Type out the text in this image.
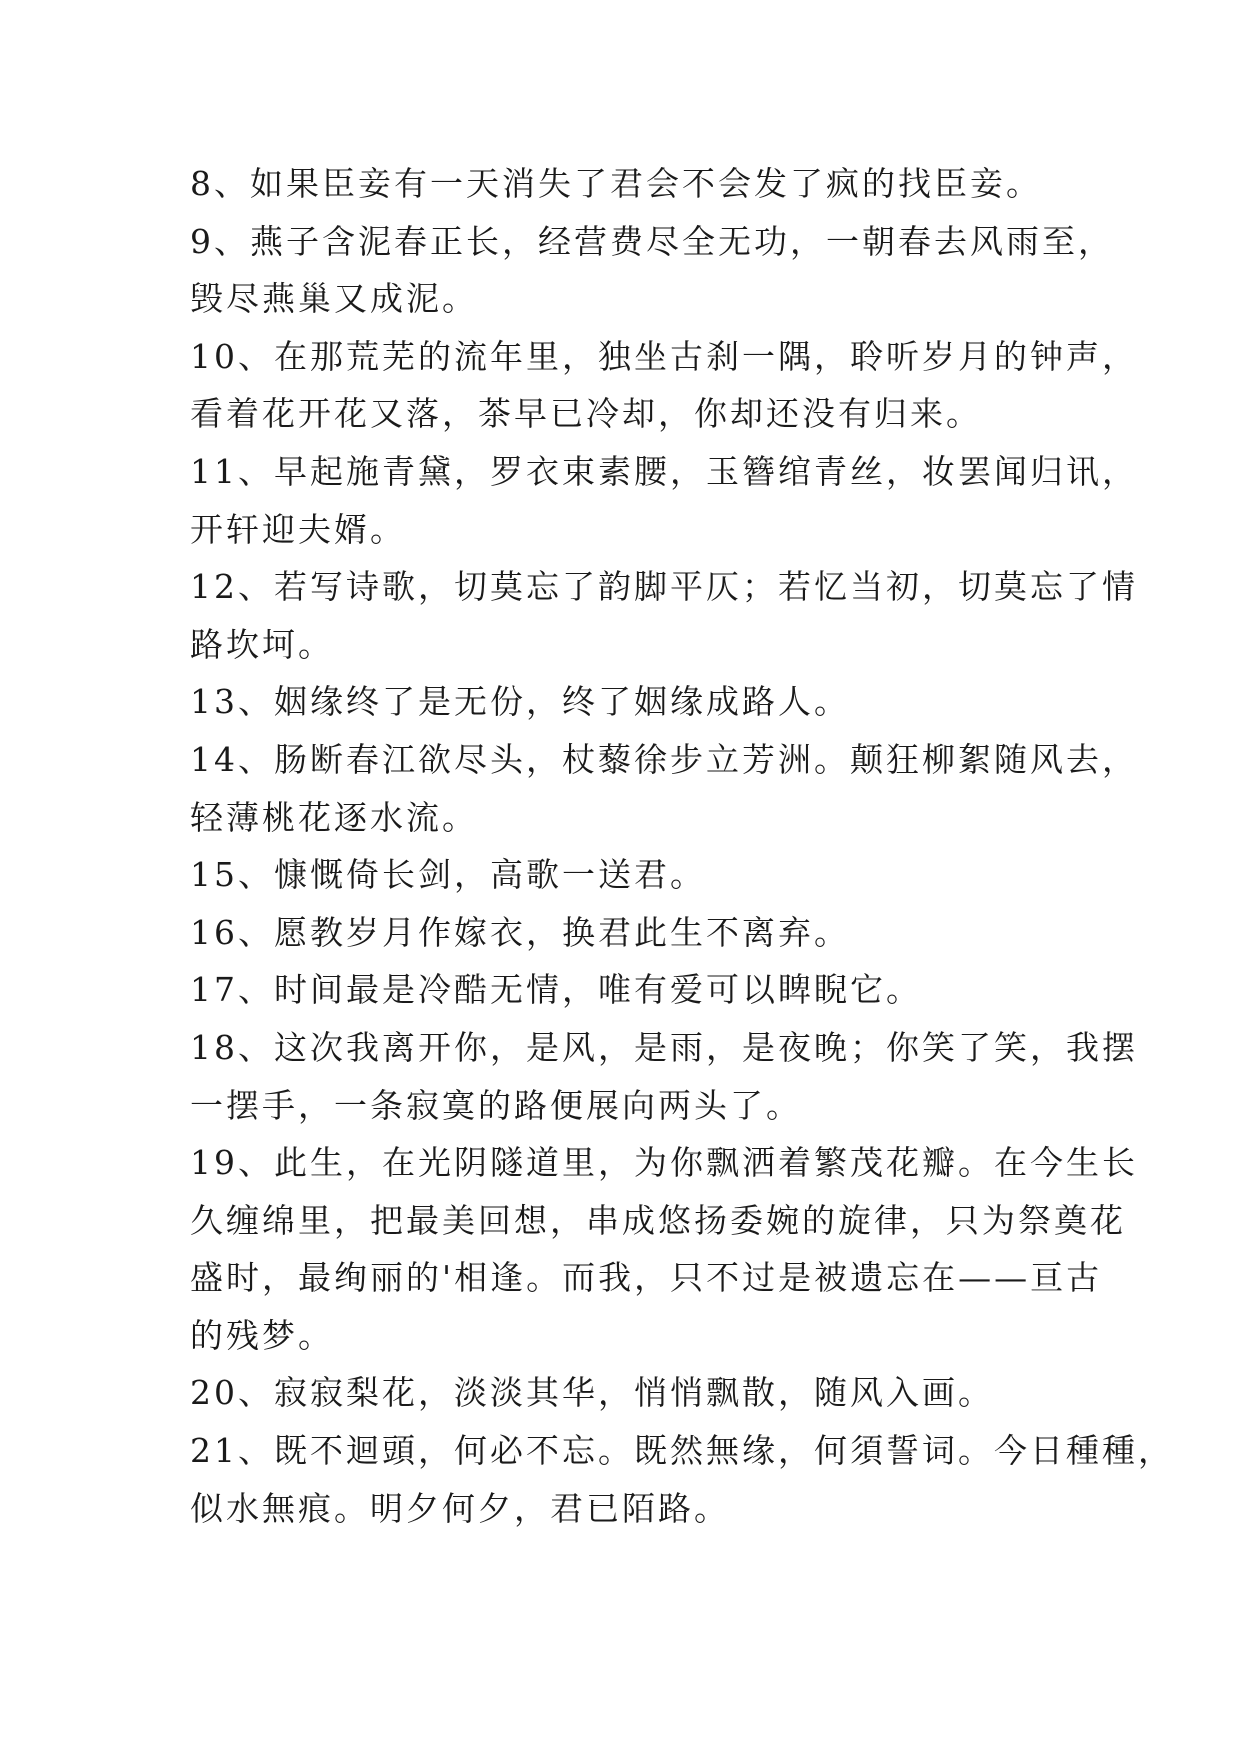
8、如果臣妾有一天消失了君会不会发了疯的找臣妾。
9、燕子含泥春正长，经营费尽全无功，一朝春去风雨至，
毁尽燕巢又成泥。
10、在那荒芜的流年里，独坐古刹一隅，聆听岁月的钟声，
看着花开花又落，茶早已冷却，你却还没有归来。
11、早起施青黛，罗衣束素腰，玉簪绾青丝，妆罢闻归讯，
开轩迎夫婿。
12、若写诗歌，切莫忘了韵脚平仄；若忆当初，切莫忘了情
路坎坷。
13、姻缘终了是无份，终了姻缘成路人。
14、肠断春江欲尽头，杖藜徐步立芳洲。颠狂柳絮随风去，
轻薄桃花逐水流。
15、慷慨倚长剑，高歌一送君。
16、愿教岁月作嫁衣，换君此生不离弃。
17、时间最是冷酷无情，唯有爱可以睥睨它。
18、这次我离开你，是风，是雨，是夜晚；你笑了笑，我摆
一摆手，一条寂寞的路便展向两头了。
19、此生，在光阴隧道里，为你飘洒着繁茂花瓣。在今生长
久缠绵里，把最美回想，串成悠扬委婉的旋律，只为祭奠花
盛时，最绚丽的'相逢。而我，只不过是被遗忘在——亘古
的残梦。
20、寂寂梨花，淡淡其华，悄悄飘散，随风入画。
21、既不迴頭，何必不忘。既然無缘，何須誓词。今日種種，
似水無痕。明夕何夕，君已陌路。
